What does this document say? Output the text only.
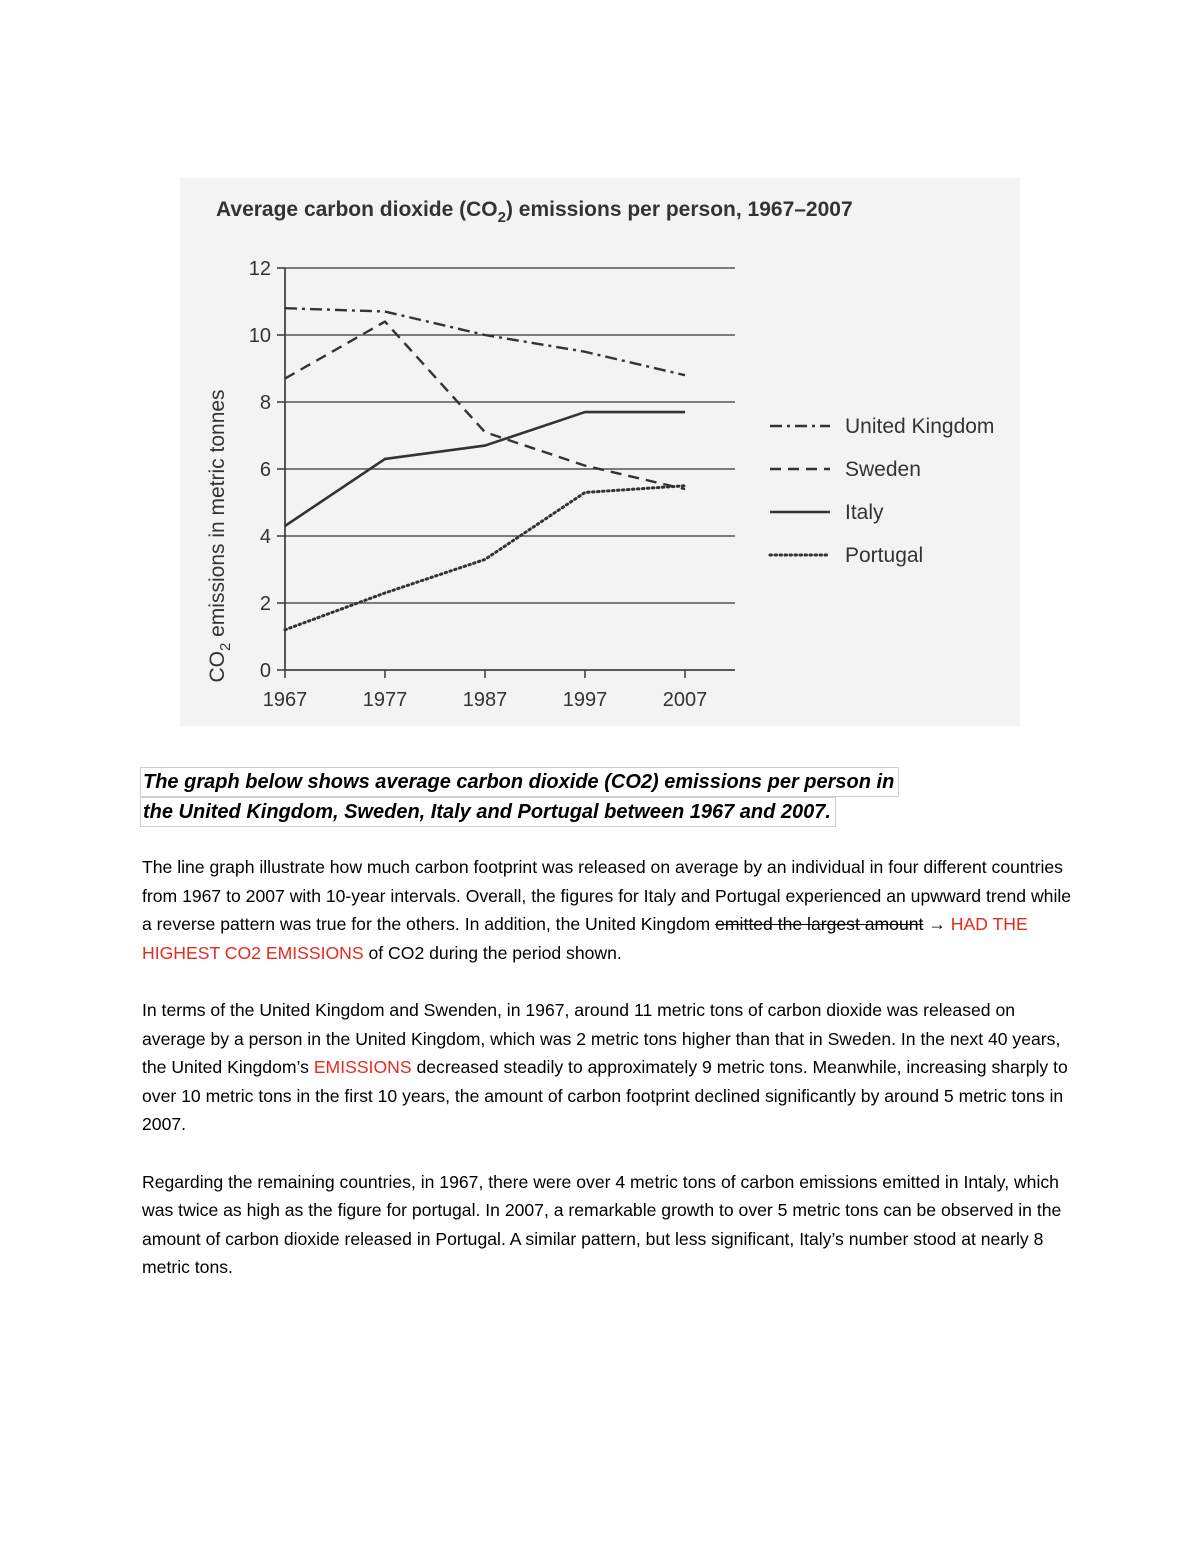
Average carbon dioxide $(CO_2)$ emissions per person, 1967–2007
0
2
4
6
8
10
12
1967	1977	1987	1997	2007
$CO_2$ emissions in metric tonnes	United Kingdom
Sweden
Italy
Portugal
The graph below shows average carbon dioxide (CO2) emissions per person in
the United Kingdom, Sweden, Italy and Portugal between 1967 and 2007.

The line graph illustrate how much carbon footprint was released on average by an individual in four different countries from 1967 to 2007 with 10-year intervals. Overall, the figures for Italy and Portugal experienced an upwward trend while a reverse pattern was true for the others. In addition, the United Kingdom emitted the largest amount → HAD THE HIGHEST CO2 EMISSIONS of CO2 during the period shown.

In terms of the United Kingdom and Swenden, in 1967, around 11 metric tons of carbon dioxide was released on average by a person in the United Kingdom, which was 2 metric tons higher than that in Sweden. In the next 40 years, the United Kingdom’s EMISSIONS decreased steadily to approximately 9 metric tons. Meanwhile, increasing sharply to over 10 metric tons in the first 10 years, the amount of carbon footprint declined significantly by around 5 metric tons in 2007.

Regarding the remaining countries, in 1967, there were over 4 metric tons of carbon emissions emitted in Intaly, which was twice as high as the figure for portugal. In 2007, a remarkable growth to over 5 metric tons can be observed in the amount of carbon dioxide released in Portugal. A similar pattern, but less significant, Italy’s number stood at nearly 8 metric tons.
